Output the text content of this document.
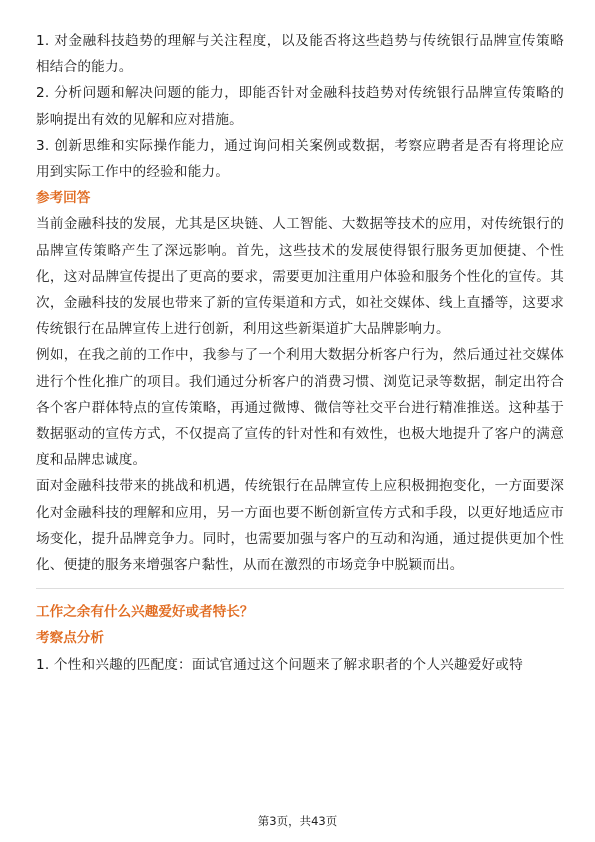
1. 对金融科技趋势的理解与关注程度，以及能否将这些趋势与传统银行品牌宣传策略相结合的能力。

2. 分析问题和解决问题的能力，即能否针对金融科技趋势对传统银行品牌宣传策略的影响提出有效的见解和应对措施。

3. 创新思维和实际操作能力，通过询问相关案例或数据，考察应聘者是否有将理论应用到实际工作中的经验和能力。

参考回答

当前金融科技的发展，尤其是区块链、人工智能、大数据等技术的应用，对传统银行的品牌宣传策略产生了深远影响。首先，这些技术的发展使得银行服务更加便捷、个性化，这对品牌宣传提出了更高的要求，需要更加注重用户体验和服务个性化的宣传。其次，金融科技的发展也带来了新的宣传渠道和方式，如社交媒体、线上直播等，这要求传统银行在品牌宣传上进行创新，利用这些新渠道扩大品牌影响力。

例如，在我之前的工作中，我参与了一个利用大数据分析客户行为，然后通过社交媒体进行个性化推广的项目。我们通过分析客户的消费习惯、浏览记录等数据，制定出符合各个客户群体特点的宣传策略，再通过微博、微信等社交平台进行精准推送。这种基于数据驱动的宣传方式，不仅提高了宣传的针对性和有效性，也极大地提升了客户的满意度和品牌忠诚度。

面对金融科技带来的挑战和机遇，传统银行在品牌宣传上应积极拥抱变化，一方面要深化对金融科技的理解和应用，另一方面也要不断创新宣传方式和手段，以更好地适应市场变化，提升品牌竞争力。同时，也需要加强与客户的互动和沟通，通过提供更加个性化、便捷的服务来增强客户黏性，从而在激烈的市场竞争中脱颖而出。

工作之余有什么兴趣爱好或者特长？

考察点分析

1. 个性和兴趣的匹配度：面试官通过这个问题来了解求职者的个人兴趣爱好或特

第3页，共43页
